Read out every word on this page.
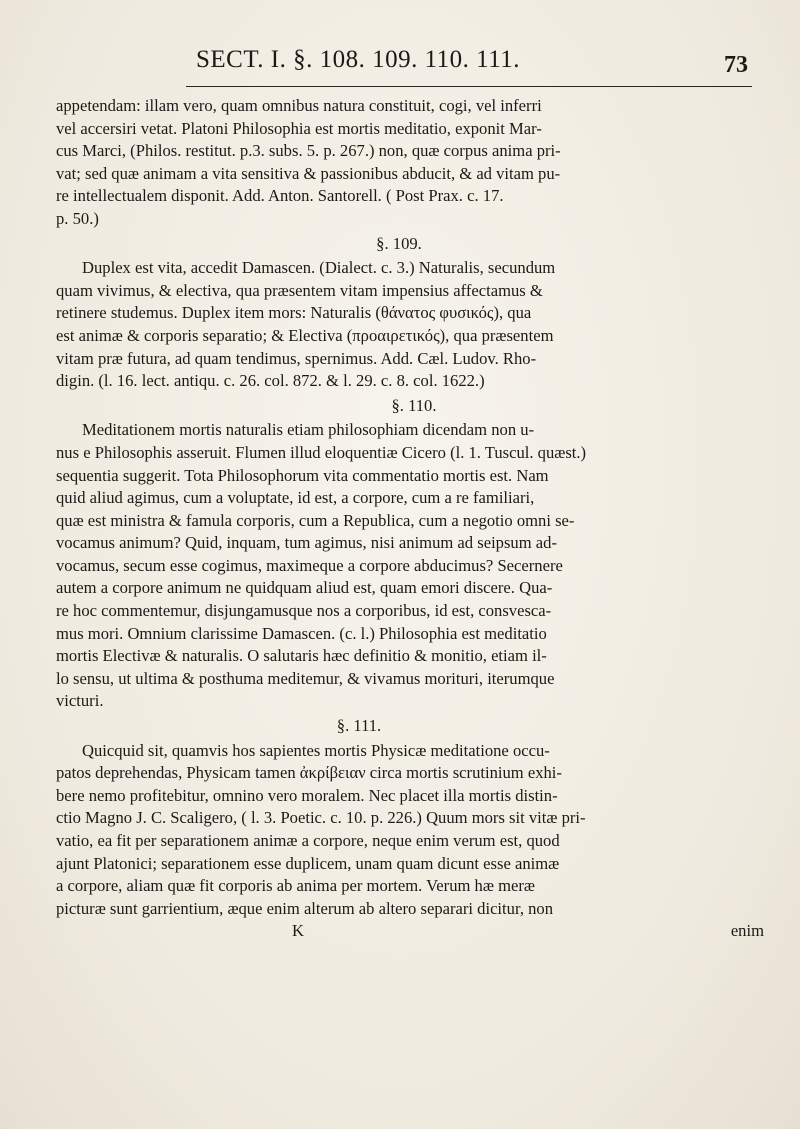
SECT. I. §. 108. 109. 110. 111.	73

appetendam: illam vero, quam omnibus natura constituit, cogi, vel inferri

vel accersiri vetat. Platoni Philosophia est mortis meditatio, exponit Mar-

cus Marci, (Philos. restitut. p.3. subs. 5. p. 267.) non, quæ corpus anima pri-

vat; sed quæ animam a vita sensitiva & passionibus abducit, & ad vitam pu-

re intellectualem disponit. Add. Anton. Santorell. ( Post Prax. c. 17.

p. 50.)

§. 109.

Duplex est vita, accedit Damascen. (Dialect. c. 3.) Naturalis, secundum

quam vivimus, & electiva, qua præsentem vitam impensius affectamus &

retinere studemus. Duplex item mors: Naturalis (θάνατος φυσικός), qua

est animæ & corporis separatio; & Electiva (προαιρετικός), qua præsentem

vitam præ futura, ad quam tendimus, spernimus. Add. Cæl. Ludov. Rho-

digin. (l. 16. lect. antiqu. c. 26. col. 872. & l. 29. c. 8. col. 1622.)

§. 110.

Meditationem mortis naturalis etiam philosophiam dicendam non u-

nus e Philosophis asseruit. Flumen illud eloquentiæ Cicero (l. 1. Tuscul. quæst.)

sequentia suggerit. Tota Philosophorum vita commentatio mortis est. Nam

quid aliud agimus, cum a voluptate, id est, a corpore, cum a re familiari,

quæ est ministra & famula corporis, cum a Republica, cum a negotio omni se-

vocamus animum? Quid, inquam, tum agimus, nisi animum ad seipsum ad-

vocamus, secum esse cogimus, maximeque a corpore abducimus? Secernere

autem a corpore animum ne quidquam aliud est, quam emori discere. Qua-

re hoc commentemur, disjungamusque nos a corporibus, id est, consvesca-

mus mori. Omnium clarissime Damascen. (c. l.) Philosophia est meditatio

mortis Electivæ & naturalis. O salutaris hæc definitio & monitio, etiam il-

lo sensu, ut ultima & posthuma meditemur, & vivamus morituri, iterumque

victuri.

§. 111.

Quicquid sit, quamvis hos sapientes mortis Physicæ meditatione occu-

patos deprehendas, Physicam tamen ἀκρίβειαν circa mortis scrutinium exhi-

bere nemo profitebitur, omnino vero moralem. Nec placet illa mortis distin-

ctio Magno J. C. Scaligero, ( l. 3. Poetic. c. 10. p. 226.) Quum mors sit vitæ pri-

vatio, ea fit per separationem animæ a corpore, neque enim verum est, quod

ajunt Platonici; separationem esse duplicem, unam quam dicunt esse animæ

a corpore, aliam quæ fit corporis ab anima per mortem. Verum hæ meræ

picturæ sunt garrientium, æque enim alterum ab altero separari dicitur, non

K	enim
